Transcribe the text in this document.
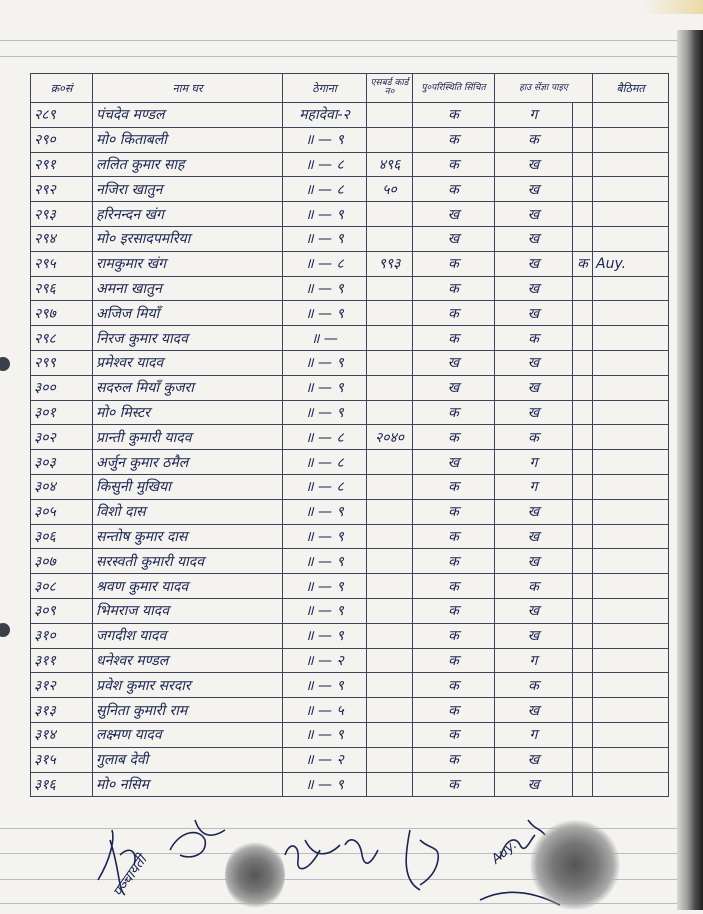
क्र०सं	नाम घर	ठेगाना	एसबर्ड कार्ड न०	पु०परिस्थिति सिंचित	हाउ सेंज्ञा पाइए		बैठिमत
२८९	पंचदेव मण्डल	महादेवा-२		क	ग		
२९०	मो० किताबली	॥ — ९		क	क		
२९१	ललित कुमार साह	॥ — ८	४९६	क	ख		
२९२	नजिरा खातुन	॥ — ८	५०	क	ख		
२९३	हरिनन्दन खंग	॥ — ९		ख	ख		
२९४	मो० इरसादपमरिया	॥ — ९		ख	ख		
२९५	रामकुमार खंग	॥ — ८	९९३	क	ख	क	Auy.
२९६	अमना खातुन	॥ — ९		क	ख		
२९७	अजिज मियाँ	॥ — ९		क	ख		
२९८	निरज कुमार यादव	॥ —		क	क		
२९९	प्रमेश्वर यादव	॥ — ९		ख	ख		
३००	सदरुल मियाँ कुजरा	॥ — ९		ख	ख		
३०१	मो० मिस्टर	॥ — ९		क	ख		
३०२	प्रान्ती कुमारी यादव	॥ — ८	२०४०	क	क		
३०३	अर्जुन कुमार ठमैल	॥ — ८		ख	ग		
३०४	किसुनी मुखिया	॥ — ८		क	ग		
३०५	विशो दास	॥ — ९		क	ख		
३०६	सन्तोष कुमार दास	॥ — ९		क	ख		
३०७	सरस्वती कुमारी यादव	॥ — ९		क	ख		
३०८	श्रवण कुमार यादव	॥ — ९		क	क		
३०९	भिमराज यादव	॥ — ९		क	ख		
३१०	जगदीश यादव	॥ — ९		क	ख		
३११	धनेश्वर मण्डल	॥ — २		क	ग		
३१२	प्रवेश कुमार सरदार	॥ — ९		क	क		
३१३	सुनिता कुमारी राम	॥ — ५		क	ख		
३१४	लक्ष्मण यादव	॥ — ९		क	ग		
३१५	गुलाब देवी	॥ — २		क	ख		
३१६	मो० नसिम	॥ — ९		क	ख		
पञ्चायती
Auy.
